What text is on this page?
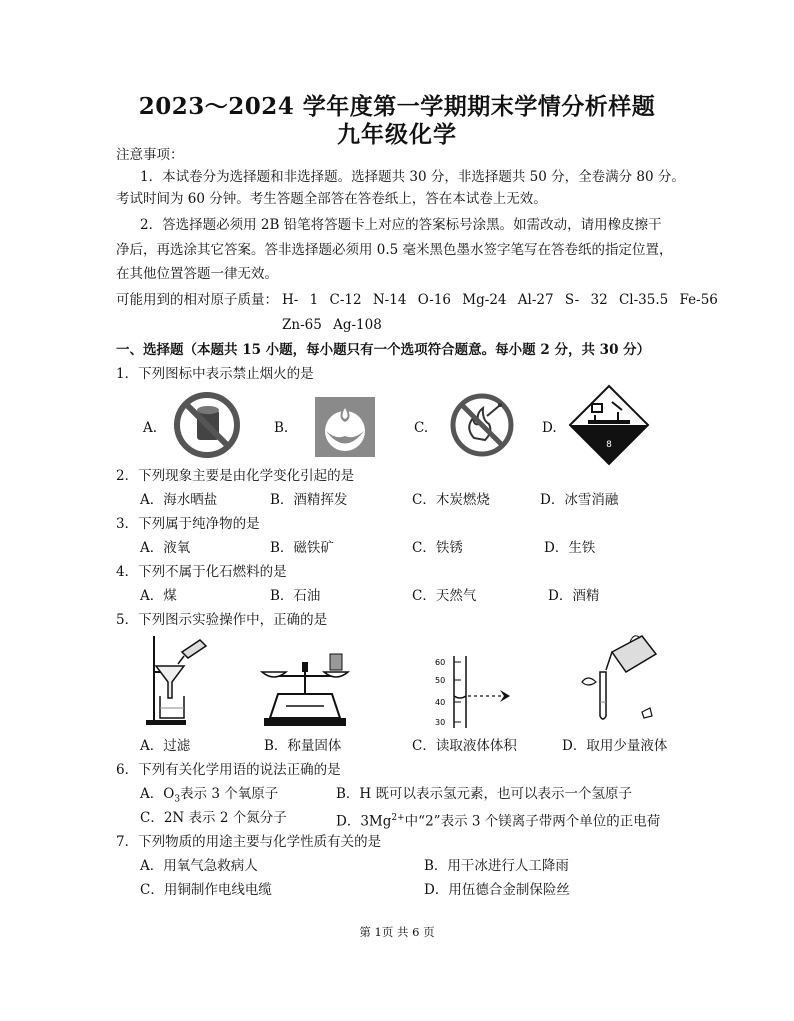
2023～2024 学年度第一学期期末学情分析样题
九年级化学
注意事项：
1．本试卷分为选择题和非选择题。选择题共 30 分，非选择题共 50 分，全卷满分 80 分。
考试时间为 60 分钟。考生答题全部答在答卷纸上，答在本试卷上无效。
2．答选择题必须用 2B 铅笔将答题卡上对应的答案标号涂黑。如需改动，请用橡皮擦干
净后，再选涂其它答案。答非选择题必须用 0.5 毫米黑色墨水签字笔写在答卷纸的指定位置，
在其他位置答题一律无效。
可能用到的相对原子质量： H- 1 C-12 N-14 O-16 Mg-24 Al-27 S- 32 Cl-35.5 Fe-56
Zn-65 Ag-108
一、选择题（本题共 15 小题，每小题只有一个选项符合题意。每小题 2 分，共 30 分）
1．下列图标中表示禁止烟火的是
A.	B.	C.	D.
8
2．下列现象主要是由化学变化引起的是
A．海水晒盐	B．酒精挥发	C．木炭燃烧	D．冰雪消融
3．下列属于纯净物的是
A．液氧	B．磁铁矿	C．铁锈	D．生铁
4．下列不属于化石燃料的是
A．煤	B．石油	C．天然气	D．酒精
5．下列图示实验操作中，正确的是
60
50
40
30
A．过滤	B．称量固体	C．读取液体体积	D．取用少量液体
6．下列有关化学用语的说法正确的是
A．$O_3$表示 3 个氧原子	B．H 既可以表示氢元素，也可以表示一个氢原子
C．2N 表示 2 个氮分子	D．$3Mg^{2+}$中“2”表示 3 个镁离子带两个单位的正电荷
7．下列物质的用途主要与化学性质有关的是
A．用氧气急救病人	B．用干冰进行人工降雨
C．用铜制作电线电缆	D．用伍德合金制保险丝
第 1页 共 6 页
